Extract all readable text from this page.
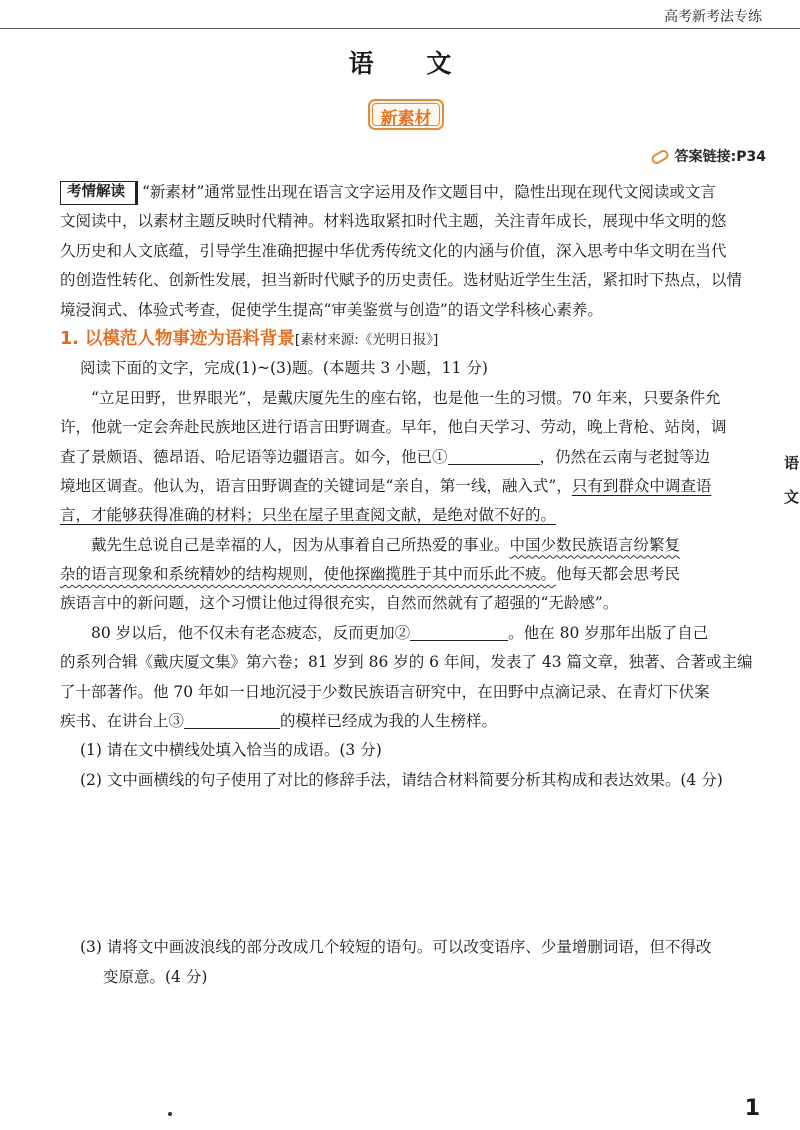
高考新考法专练
语 文
新素材
答案链接:P34
考情解读 “新素材”通常显性出现在语言文字运用及作文题目中，隐性出现在现代文阅读或文言
文阅读中，以素材主题反映时代精神。材料选取紧扣时代主题，关注青年成长，展现中华文明的悠
久历史和人文底蕴，引导学生准确把握中华优秀传统文化的内涵与价值，深入思考中华文明在当代
的创造性转化、创新性发展，担当新时代赋予的历史责任。选材贴近学生生活，紧扣时下热点，以情
境浸润式、体验式考查，促使学生提高“审美鉴赏与创造”的语文学科核心素养。
1. 以模范人物事迹为语料背景[素材来源:《光明日报》]
阅读下面的文字，完成(1)~(3)题。(本题共 3 小题，11 分)
“立足田野，世界眼光”，是戴庆厦先生的座右铭，也是他一生的习惯。70 年来，只要条件允
许，他就一定会奔赴民族地区进行语言田野调查。早年，他白天学习、劳动，晚上背枪、站岗，调
查了景颇语、德昂语、哈尼语等边疆语言。如今，他已①	，仍然在云南与老挝等边
境地区调查。他认为，语言田野调查的关键词是“亲自，第一线，融入式”，只有到群众中调查语
言，才能够获得准确的材料；只坐在屋子里查阅文献，是绝对做不好的。
戴先生总说自己是幸福的人，因为从事着自己所热爱的事业。中国少数民族语言纷繁复
杂的语言现象和系统精妙的结构规则，使他探幽揽胜于其中而乐此不疲。他每天都会思考民
族语言中的新问题，这个习惯让他过得很充实，自然而然就有了超强的“无龄感”。
80 岁以后，他不仅未有老态疲态，反而更加②	。他在 80 岁那年出版了自己
的系列合辑《戴庆厦文集》第六卷；81 岁到 86 岁的 6 年间，发表了 43 篇文章，独著、合著或主编
了十部著作。他 70 年如一日地沉浸于少数民族语言研究中，在田野中点滴记录、在青灯下伏案
疾书、在讲台上③	的模样已经成为我的人生榜样。
(1) 请在文中横线处填入恰当的成语。(3 分)
(2) 文中画横线的句子使用了对比的修辞手法，请结合材料简要分析其构成和表达效果。(4 分)
(3) 请将文中画波浪线的部分改成几个较短的语句。可以改变语序、少量增删词语，但不得改
变原意。(4 分)
语
文
1
